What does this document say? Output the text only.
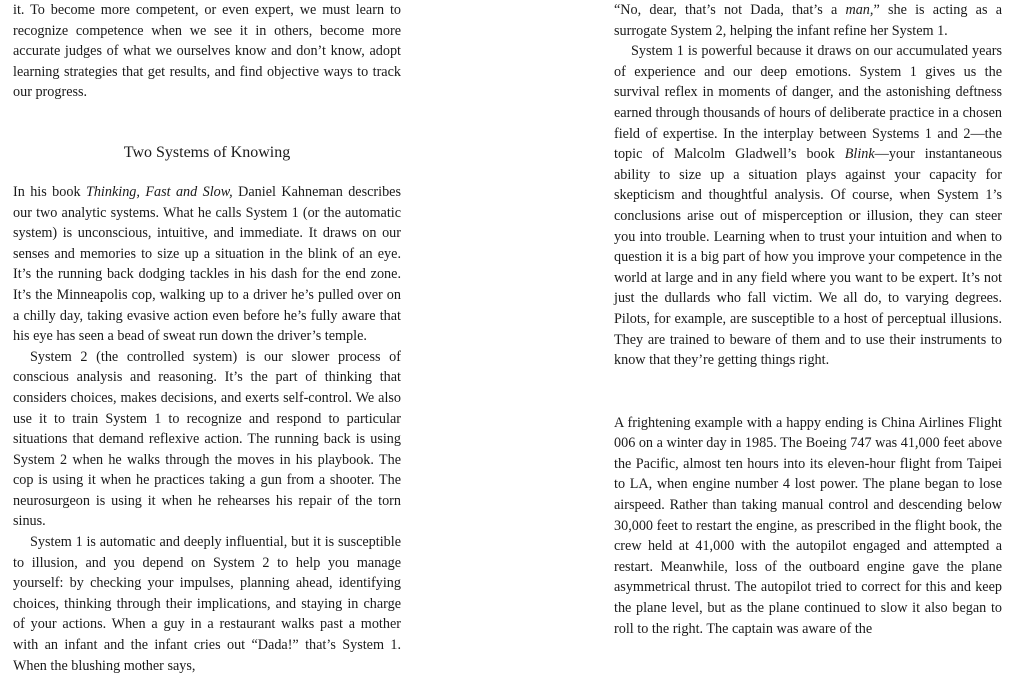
it. To become more competent, or even expert, we must learn to recognize competence when we see it in others, become more accurate judges of what we ourselves know and don’t know, adopt learning strategies that get results, and find objective ways to track our progress.

Two Systems of Knowing

In his book Thinking, Fast and Slow, Daniel Kahneman describes our two analytic systems. What he calls System 1 (or the automatic system) is unconscious, intuitive, and immediate. It draws on our senses and memories to size up a situation in the blink of an eye. It’s the running back dodging tackles in his dash for the end zone. It’s the Minneapolis cop, walking up to a driver he’s pulled over on a chilly day, taking evasive action even before he’s fully aware that his eye has seen a bead of sweat run down the driver’s temple.

System 2 (the controlled system) is our slower process of conscious analysis and reasoning. It’s the part of thinking that considers choices, makes decisions, and exerts self-control. We also use it to train System 1 to recognize and respond to particular situations that demand reflexive action. The running back is using System 2 when he walks through the moves in his playbook. The cop is using it when he practices taking a gun from a shooter. The neurosurgeon is using it when he rehearses his repair of the torn sinus.

System 1 is automatic and deeply influential, but it is susceptible to illusion, and you depend on System 2 to help you manage yourself: by checking your impulses, planning ahead, identifying choices, thinking through their implications, and staying in charge of your actions. When a guy in a restaurant walks past a mother with an infant and the infant cries out “Dada!” that’s System 1. When the blushing mother says,

“No, dear, that’s not Dada, that’s a man,” she is acting as a surrogate System 2, helping the infant refine her System 1.

System 1 is powerful because it draws on our accumulated years of experience and our deep emotions. System 1 gives us the survival reflex in moments of danger, and the astonishing deftness earned through thousands of hours of deliberate practice in a chosen field of expertise. In the interplay between Systems 1 and 2—the topic of Malcolm Gladwell’s book Blink—your instantaneous ability to size up a situation plays against your capacity for skepticism and thoughtful analysis. Of course, when System 1’s conclusions arise out of misperception or illusion, they can steer you into trouble. Learning when to trust your intuition and when to question it is a big part of how you improve your competence in the world at large and in any field where you want to be expert. It’s not just the dullards who fall victim. We all do, to varying degrees. Pilots, for example, are susceptible to a host of perceptual illusions. They are trained to beware of them and to use their instruments to know that they’re getting things right.

A frightening example with a happy ending is China Airlines Flight 006 on a winter day in 1985. The Boeing 747 was 41,000 feet above the Pacific, almost ten hours into its eleven-hour flight from Taipei to LA, when engine number 4 lost power. The plane began to lose airspeed. Rather than taking manual control and descending below 30,000 feet to restart the engine, as prescribed in the flight book, the crew held at 41,000 with the autopilot engaged and attempted a restart. Meanwhile, loss of the outboard engine gave the plane asymmetrical thrust. The autopilot tried to correct for this and keep the plane level, but as the plane continued to slow it also began to roll to the right. The captain was aware of the
